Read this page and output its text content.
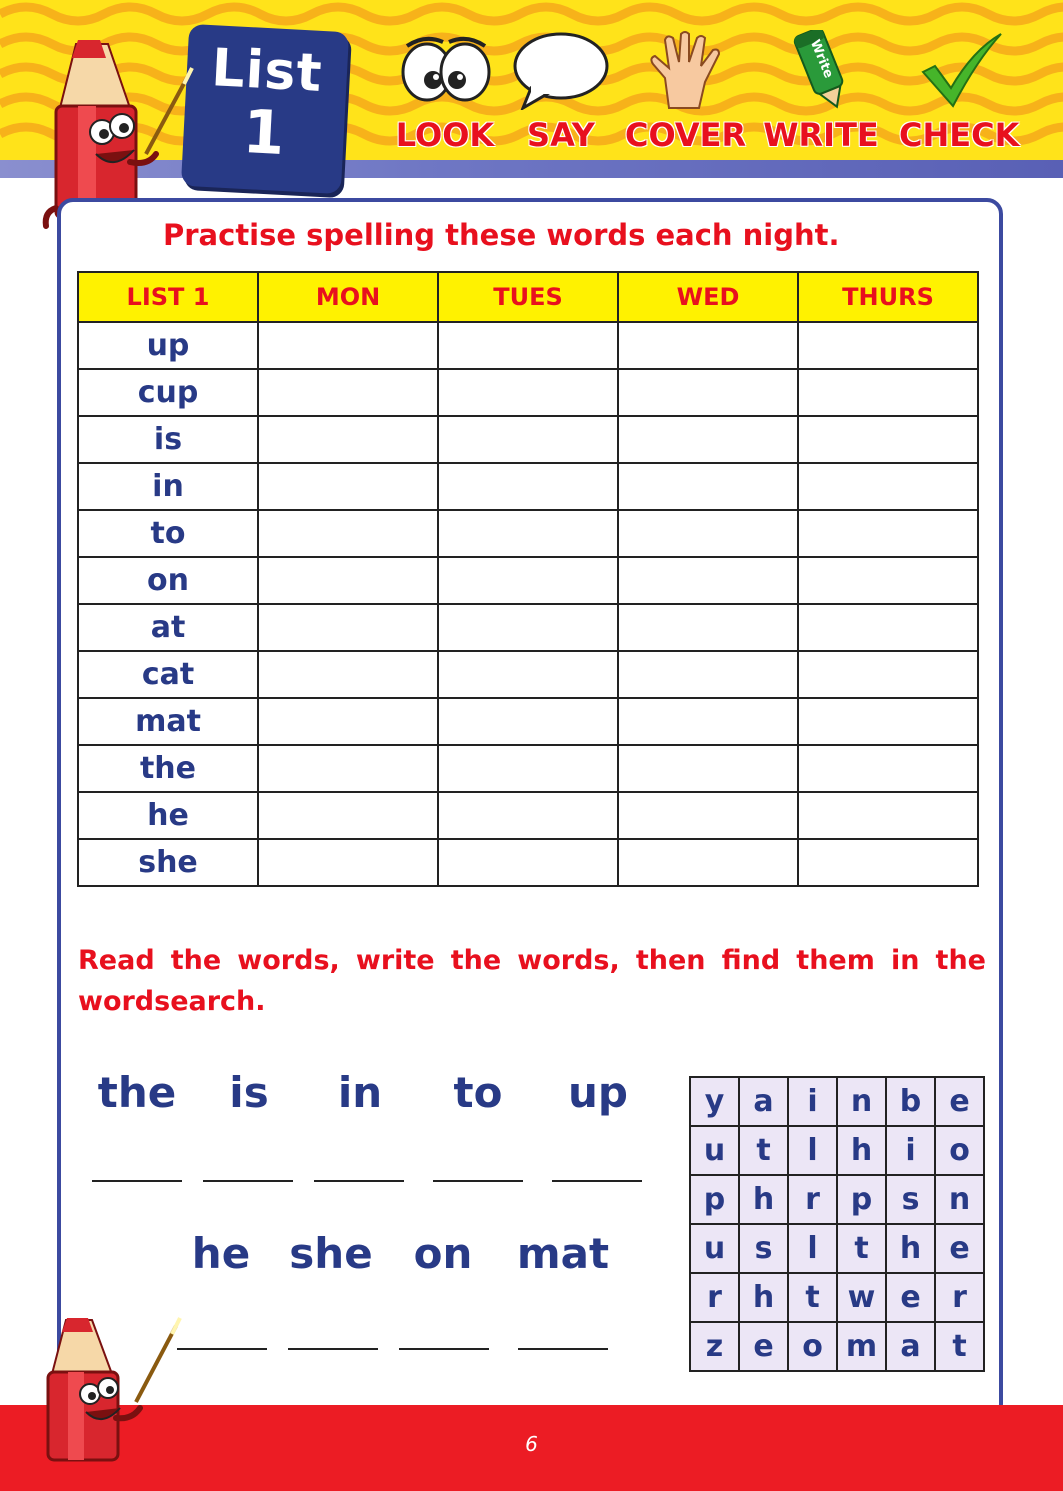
List
1	LOOK	SAY COVER
Write
WRITE CHECK
Practise spelling these words each night.
LIST 1	MON	TUES	WED	THURS
up				
cup				
is				
in				
to				
on				
at				
cat				
mat				
the				
he				
she				
Read the words, write the words, then find them in the wordsearch.
the	is	in	to	up
he she on	mat
y	a	i	n	b	e
u	t	l	h	i	o
p	h	r	p	s	n
u	s	l	t	h	e
r	h	t	w	e	r
z	e	o	m	a	t
6
